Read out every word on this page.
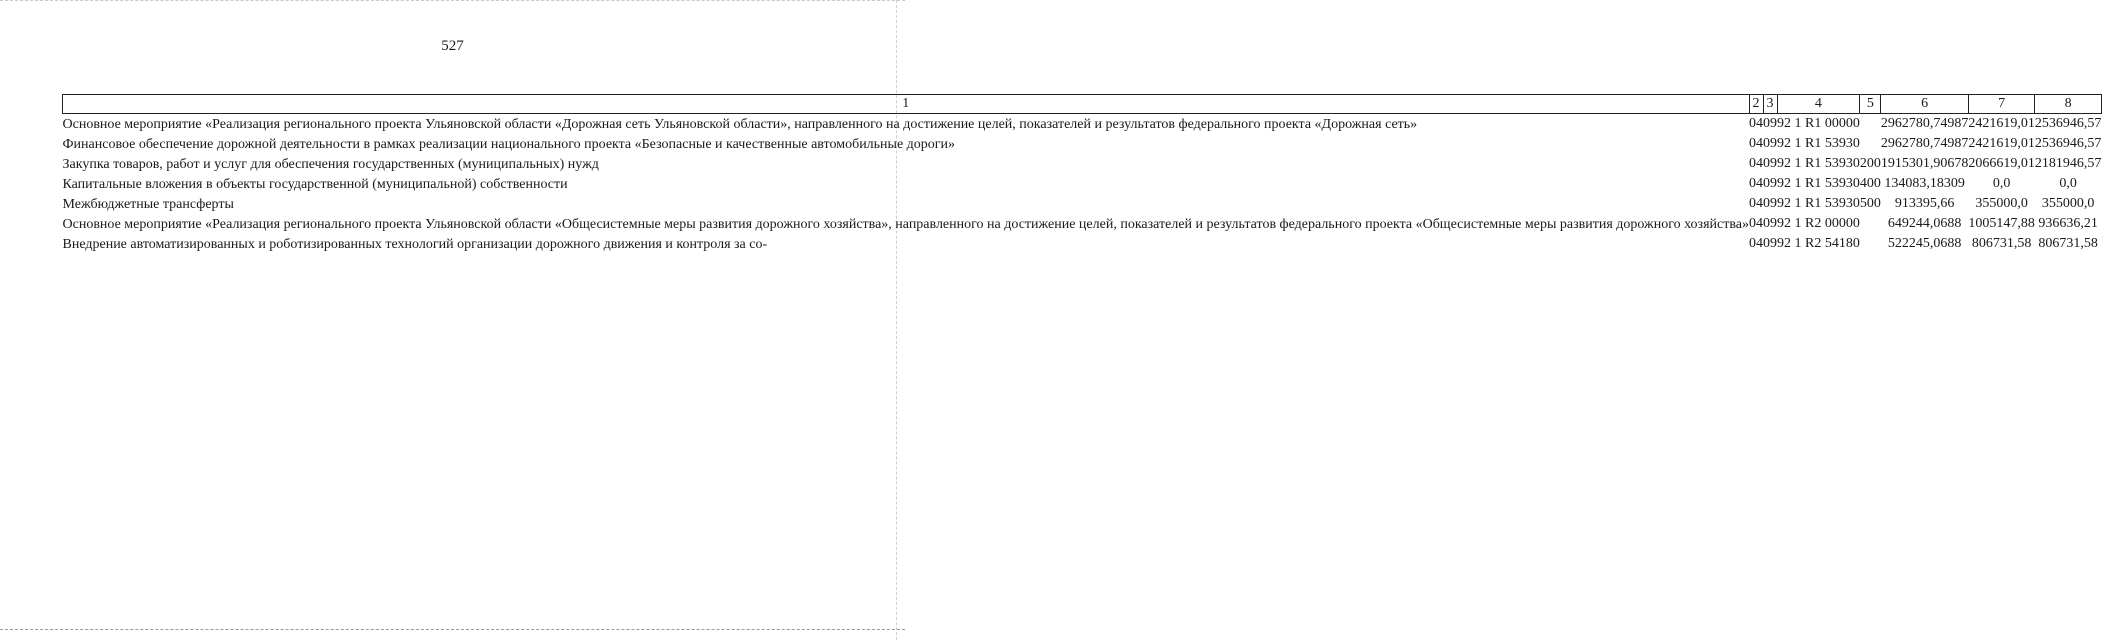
527
1	2	3	4	5	6	7	8
Основное мероприятие «Реализация регионального проекта Ульяновской области «Дорожная сеть Ульяновской области», направленного на достижение целей, показателей и результатов федерального проекта «Дорожная сеть»	04	09	92 1 R1 00000		2962780,74987	2421619,01	2536946,57
Финансовое обеспечение дорожной деятельности в рамках реализации национального проекта «Безопасные и качественные автомобильные дороги»	04	09	92 1 R1 53930		2962780,74987	2421619,01	2536946,57
Закупка товаров, работ и услуг для обеспечения государственных (муниципальных) нужд	04	09	92 1 R1 53930	200	1915301,90678	2066619,01	2181946,57
Капитальные вложения в объекты государственной (муниципальной) собственности	04	09	92 1 R1 53930	400	134083,18309	0,0	0,0
Межбюджетные трансферты	04	09	92 1 R1 53930	500	913395,66	355000,0	355000,0
Основное мероприятие «Реализация регионального проекта Ульяновской области «Общесистемные меры развития дорожного хозяйства», направленного на достижение целей, показателей и результатов федерального проекта «Общесистемные меры развития дорожного хозяйства»	04	09	92 1 R2 00000		649244,0688	1005147,88	936636,21
Внедрение автоматизированных и роботизированных технологий организации дорожного движения и контроля за со-	04	09	92 1 R2 54180		522245,0688	806731,58	806731,58
